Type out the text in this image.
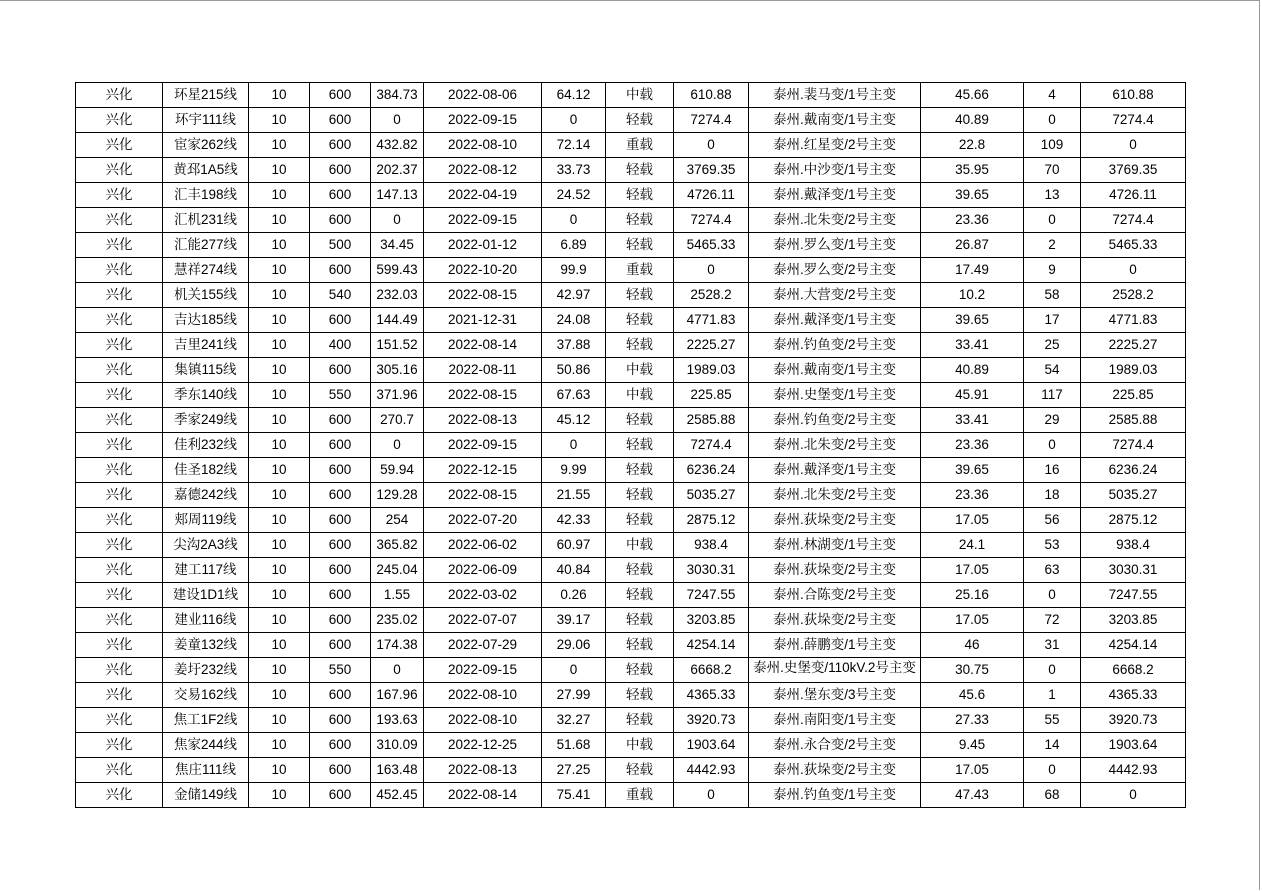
兴化	环星215线	10	600	384.73	2022-08-06	64.12	中载	610.88	泰州.裴马变/1号主变	45.66	4	610.88
兴化	环宇111线	10	600	0	2022-09-15	0	轻载	7274.4	泰州.戴南变/1号主变	40.89	0	7274.4
兴化	宦家262线	10	600	432.82	2022-08-10	72.14	重载	0	泰州.红星变/2号主变	22.8	109	0
兴化	黄邳1A5线	10	600	202.37	2022-08-12	33.73	轻载	3769.35	泰州.中沙变/1号主变	35.95	70	3769.35
兴化	汇丰198线	10	600	147.13	2022-04-19	24.52	轻载	4726.11	泰州.戴泽变/1号主变	39.65	13	4726.11
兴化	汇机231线	10	600	0	2022-09-15	0	轻载	7274.4	泰州.北朱变/2号主变	23.36	0	7274.4
兴化	汇能277线	10	500	34.45	2022-01-12	6.89	轻载	5465.33	泰州.罗么变/1号主变	26.87	2	5465.33
兴化	慧祥274线	10	600	599.43	2022-10-20	99.9	重载	0	泰州.罗么变/2号主变	17.49	9	0
兴化	机关155线	10	540	232.03	2022-08-15	42.97	轻载	2528.2	泰州.大营变/2号主变	10.2	58	2528.2
兴化	吉达185线	10	600	144.49	2021-12-31	24.08	轻载	4771.83	泰州.戴泽变/1号主变	39.65	17	4771.83
兴化	吉里241线	10	400	151.52	2022-08-14	37.88	轻载	2225.27	泰州.钓鱼变/2号主变	33.41	25	2225.27
兴化	集镇115线	10	600	305.16	2022-08-11	50.86	中载	1989.03	泰州.戴南变/1号主变	40.89	54	1989.03
兴化	季东140线	10	550	371.96	2022-08-15	67.63	中载	225.85	泰州.史堡变/1号主变	45.91	117	225.85
兴化	季家249线	10	600	270.7	2022-08-13	45.12	轻载	2585.88	泰州.钓鱼变/2号主变	33.41	29	2585.88
兴化	佳利232线	10	600	0	2022-09-15	0	轻载	7274.4	泰州.北朱变/2号主变	23.36	0	7274.4
兴化	佳圣182线	10	600	59.94	2022-12-15	9.99	轻载	6236.24	泰州.戴泽变/1号主变	39.65	16	6236.24
兴化	嘉德242线	10	600	129.28	2022-08-15	21.55	轻载	5035.27	泰州.北朱变/2号主变	23.36	18	5035.27
兴化	郏周119线	10	600	254	2022-07-20	42.33	轻载	2875.12	泰州.荻垛变/2号主变	17.05	56	2875.12
兴化	尖沟2A3线	10	600	365.82	2022-06-02	60.97	中载	938.4	泰州.林湖变/1号主变	24.1	53	938.4
兴化	建工117线	10	600	245.04	2022-06-09	40.84	轻载	3030.31	泰州.荻垛变/2号主变	17.05	63	3030.31
兴化	建设1D1线	10	600	1.55	2022-03-02	0.26	轻载	7247.55	泰州.合陈变/2号主变	25.16	0	7247.55
兴化	建业116线	10	600	235.02	2022-07-07	39.17	轻载	3203.85	泰州.荻垛变/2号主变	17.05	72	3203.85
兴化	姜童132线	10	600	174.38	2022-07-29	29.06	轻载	4254.14	泰州.薛鹏变/1号主变	46	31	4254.14
兴化	姜圩232线	10	550	0	2022-09-15	0	轻载	6668.2	泰州.史堡变/110kV.2号主变	30.75	0	6668.2
兴化	交易162线	10	600	167.96	2022-08-10	27.99	轻载	4365.33	泰州.堡东变/3号主变	45.6	1	4365.33
兴化	焦工1F2线	10	600	193.63	2022-08-10	32.27	轻载	3920.73	泰州.南阳变/1号主变	27.33	55	3920.73
兴化	焦家244线	10	600	310.09	2022-12-25	51.68	中载	1903.64	泰州.永合变/2号主变	9.45	14	1903.64
兴化	焦庄111线	10	600	163.48	2022-08-13	27.25	轻载	4442.93	泰州.荻垛变/2号主变	17.05	0	4442.93
兴化	金储149线	10	600	452.45	2022-08-14	75.41	重载	0	泰州.钓鱼变/1号主变	47.43	68	0
